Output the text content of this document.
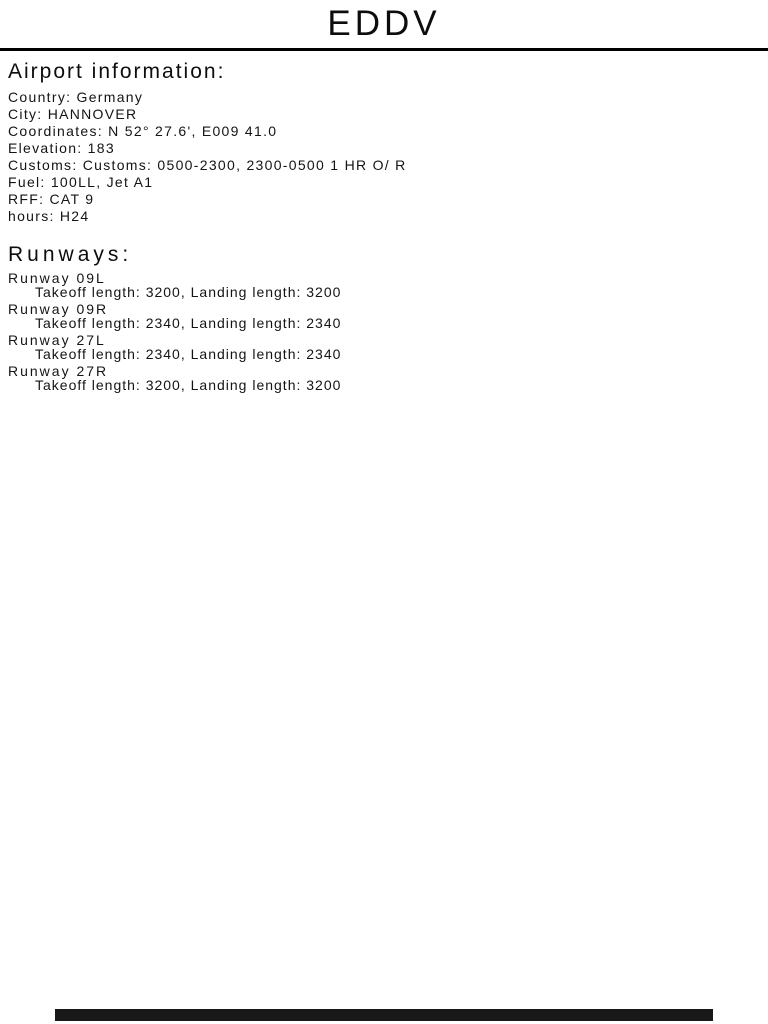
EDDV
Airport information:
Country: Germany
City: HANNOVER
Coordinates: N 52° 27.6', E009 41.0
Elevation: 183
Customs: Customs: 0500-2300, 2300-0500 1 HR O/ R
Fuel: 100LL, Jet A1
RFF: CAT 9
hours: H24
Runways:
Runway 09L
Takeoff length: 3200, Landing length: 3200
Runway 09R
Takeoff length: 2340, Landing length: 2340
Runway 27L
Takeoff length: 2340, Landing length: 2340
Runway 27R
Takeoff length: 3200, Landing length: 3200
